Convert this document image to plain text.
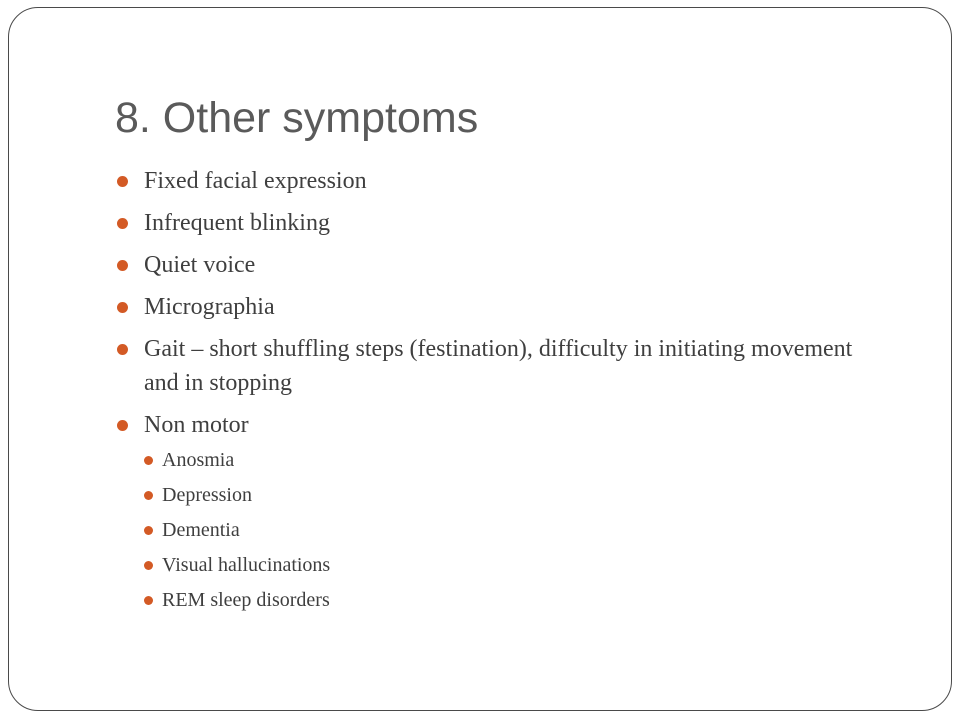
8. Other symptoms
Fixed facial expression
Infrequent blinking
Quiet voice
Micrographia
Gait – short shuffling steps (festination), difficulty in initiating movement and in stopping
Non motor
Anosmia
Depression
Dementia
Visual hallucinations
REM sleep disorders
